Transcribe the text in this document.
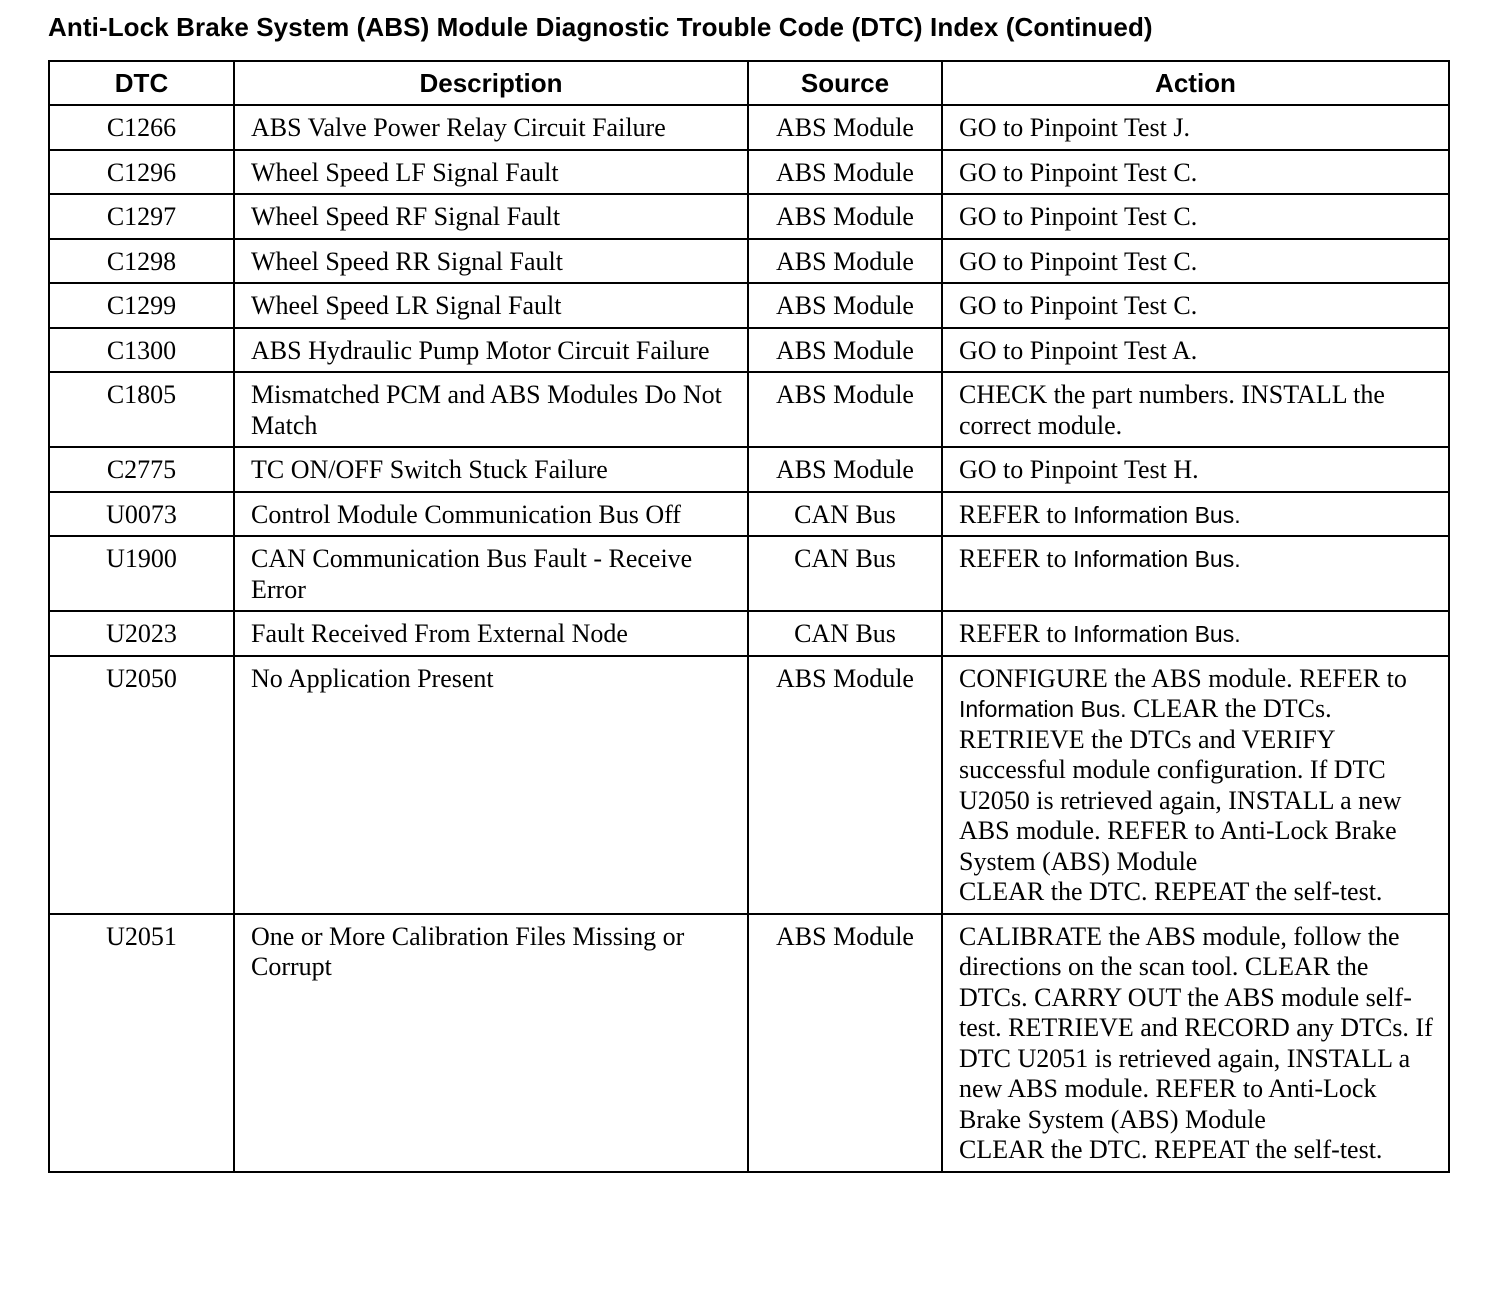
Anti-Lock Brake System (ABS) Module Diagnostic Trouble Code (DTC) Index (Continued)
DTC	Description	Source	Action
C1266	ABS Valve Power Relay Circuit Failure	ABS Module	GO to Pinpoint Test J.
C1296	Wheel Speed LF Signal Fault	ABS Module	GO to Pinpoint Test C.
C1297	Wheel Speed RF Signal Fault	ABS Module	GO to Pinpoint Test C.
C1298	Wheel Speed RR Signal Fault	ABS Module	GO to Pinpoint Test C.
C1299	Wheel Speed LR Signal Fault	ABS Module	GO to Pinpoint Test C.
C1300	ABS Hydraulic Pump Motor Circuit Failure	ABS Module	GO to Pinpoint Test A.
C1805	Mismatched PCM and ABS Modules Do Not Match	ABS Module	CHECK the part numbers. INSTALL the correct module.
C2775	TC ON/OFF Switch Stuck Failure	ABS Module	GO to Pinpoint Test H.
U0073	Control Module Communication Bus Off	CAN Bus	REFER to Information Bus.
U1900	CAN Communication Bus Fault - Receive Error	CAN Bus	REFER to Information Bus.
U2023	Fault Received From External Node	CAN Bus	REFER to Information Bus.
U2050	No Application Present	ABS Module	CONFIGURE the ABS module. REFER to Information Bus. CLEAR the DTCs. RETRIEVE the DTCs and VERIFY successful module configuration. If DTC U2050 is retrieved again, INSTALL a new ABS module. REFER to Anti-Lock Brake System (ABS) Module
CLEAR the DTC. REPEAT the self-test.
U2051	One or More Calibration Files Missing or Corrupt	ABS Module	CALIBRATE the ABS module, follow the directions on the scan tool. CLEAR the DTCs. CARRY OUT the ABS module self-test. RETRIEVE and RECORD any DTCs. If DTC U2051 is retrieved again, INSTALL a new ABS module. REFER to Anti-Lock Brake System (ABS) Module
CLEAR the DTC. REPEAT the self-test.
